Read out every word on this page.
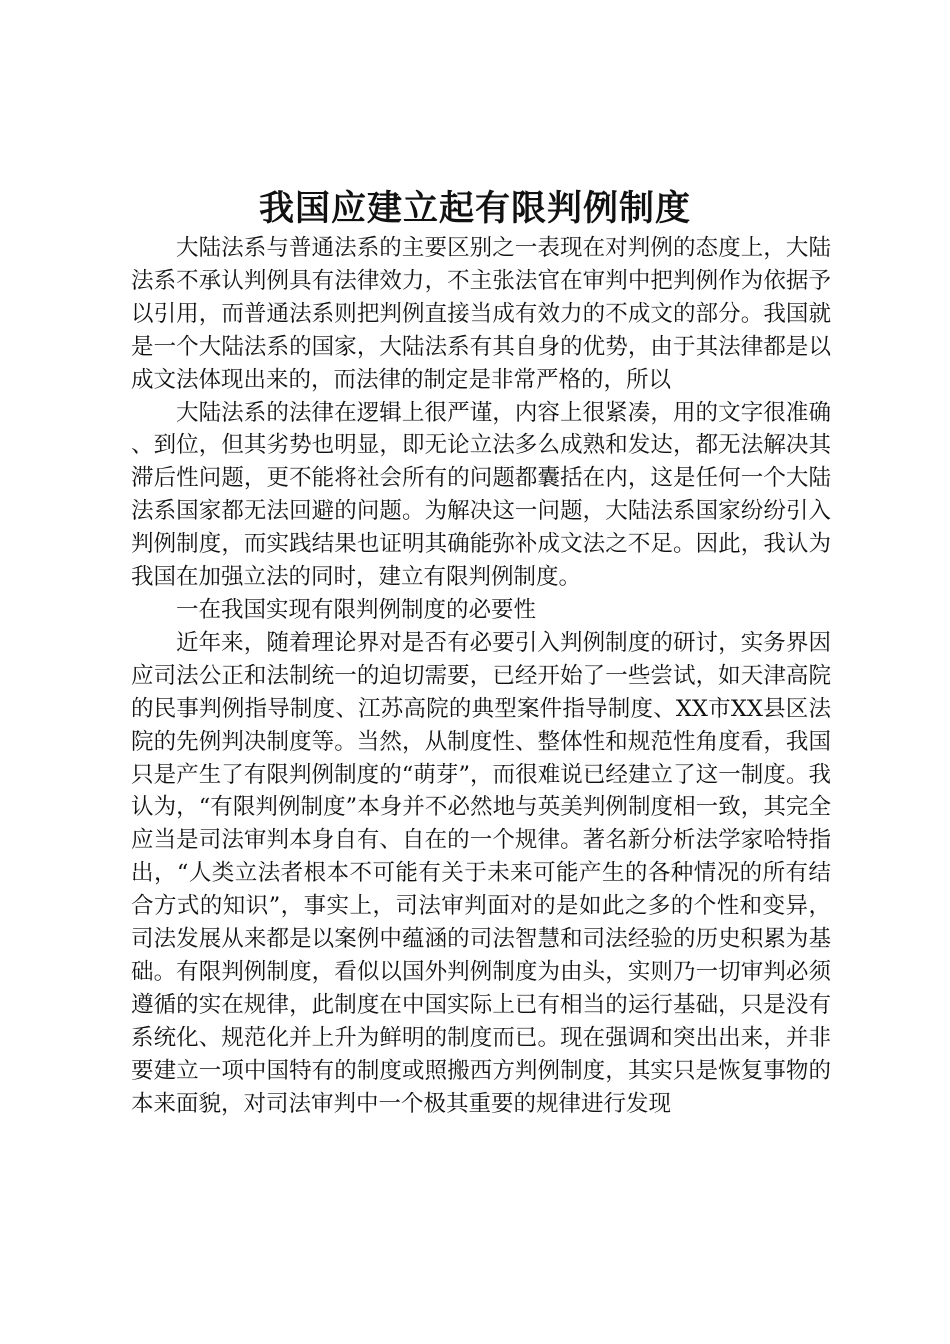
我国应建立起有限判例制度

大陆法系与普通法系的主要区别之一表现在对判例的态度上，大陆法系不承认判例具有法律效力，不主张法官在审判中把判例作为依据予以引用，而普通法系则把判例直接当成有效力的不成文的部分。我国就是一个大陆法系的国家，大陆法系有其自身的优势，由于其法律都是以成文法体现出来的，而法律的制定是非常严格的，所以

大陆法系的法律在逻辑上很严谨，内容上很紧凑，用的文字很准确、到位，但其劣势也明显，即无论立法多么成熟和发达，都无法解决其滞后性问题，更不能将社会所有的问题都囊括在内，这是任何一个大陆法系国家都无法回避的问题。为解决这一问题，大陆法系国家纷纷引入判例制度，而实践结果也证明其确能弥补成文法之不足。因此，我认为我国在加强立法的同时，建立有限判例制度。

一在我国实现有限判例制度的必要性

近年来，随着理论界对是否有必要引入判例制度的研讨，实务界因应司法公正和法制统一的迫切需要，已经开始了一些尝试，如天津高院的民事判例指导制度、江苏高院的典型案件指导制度、XX市XX县区法院的先例判决制度等。当然，从制度性、整体性和规范性角度看，我国只是产生了有限判例制度的“萌芽”，而很难说已经建立了这一制度。我认为，“有限判例制度”本身并不必然地与英美判例制度相一致，其完全应当是司法审判本身自有、自在的一个规律。著名新分析法学家哈特指出，“人类立法者根本不可能有关于未来可能产生的各种情况的所有结合方式的知识”，事实上，司法审判面对的是如此之多的个性和变异，司法发展从来都是以案例中蕴涵的司法智慧和司法经验的历史积累为基础。有限判例制度，看似以国外判例制度为由头，实则乃一切审判必须遵循的实在规律，此制度在中国实际上已有相当的运行基础，只是没有系统化、规范化并上升为鲜明的制度而已。现在强调和突出出来，并非要建立一项中国特有的制度或照搬西方判例制度，其实只是恢复事物的本来面貌，对司法审判中一个极其重要的规律进行发现
